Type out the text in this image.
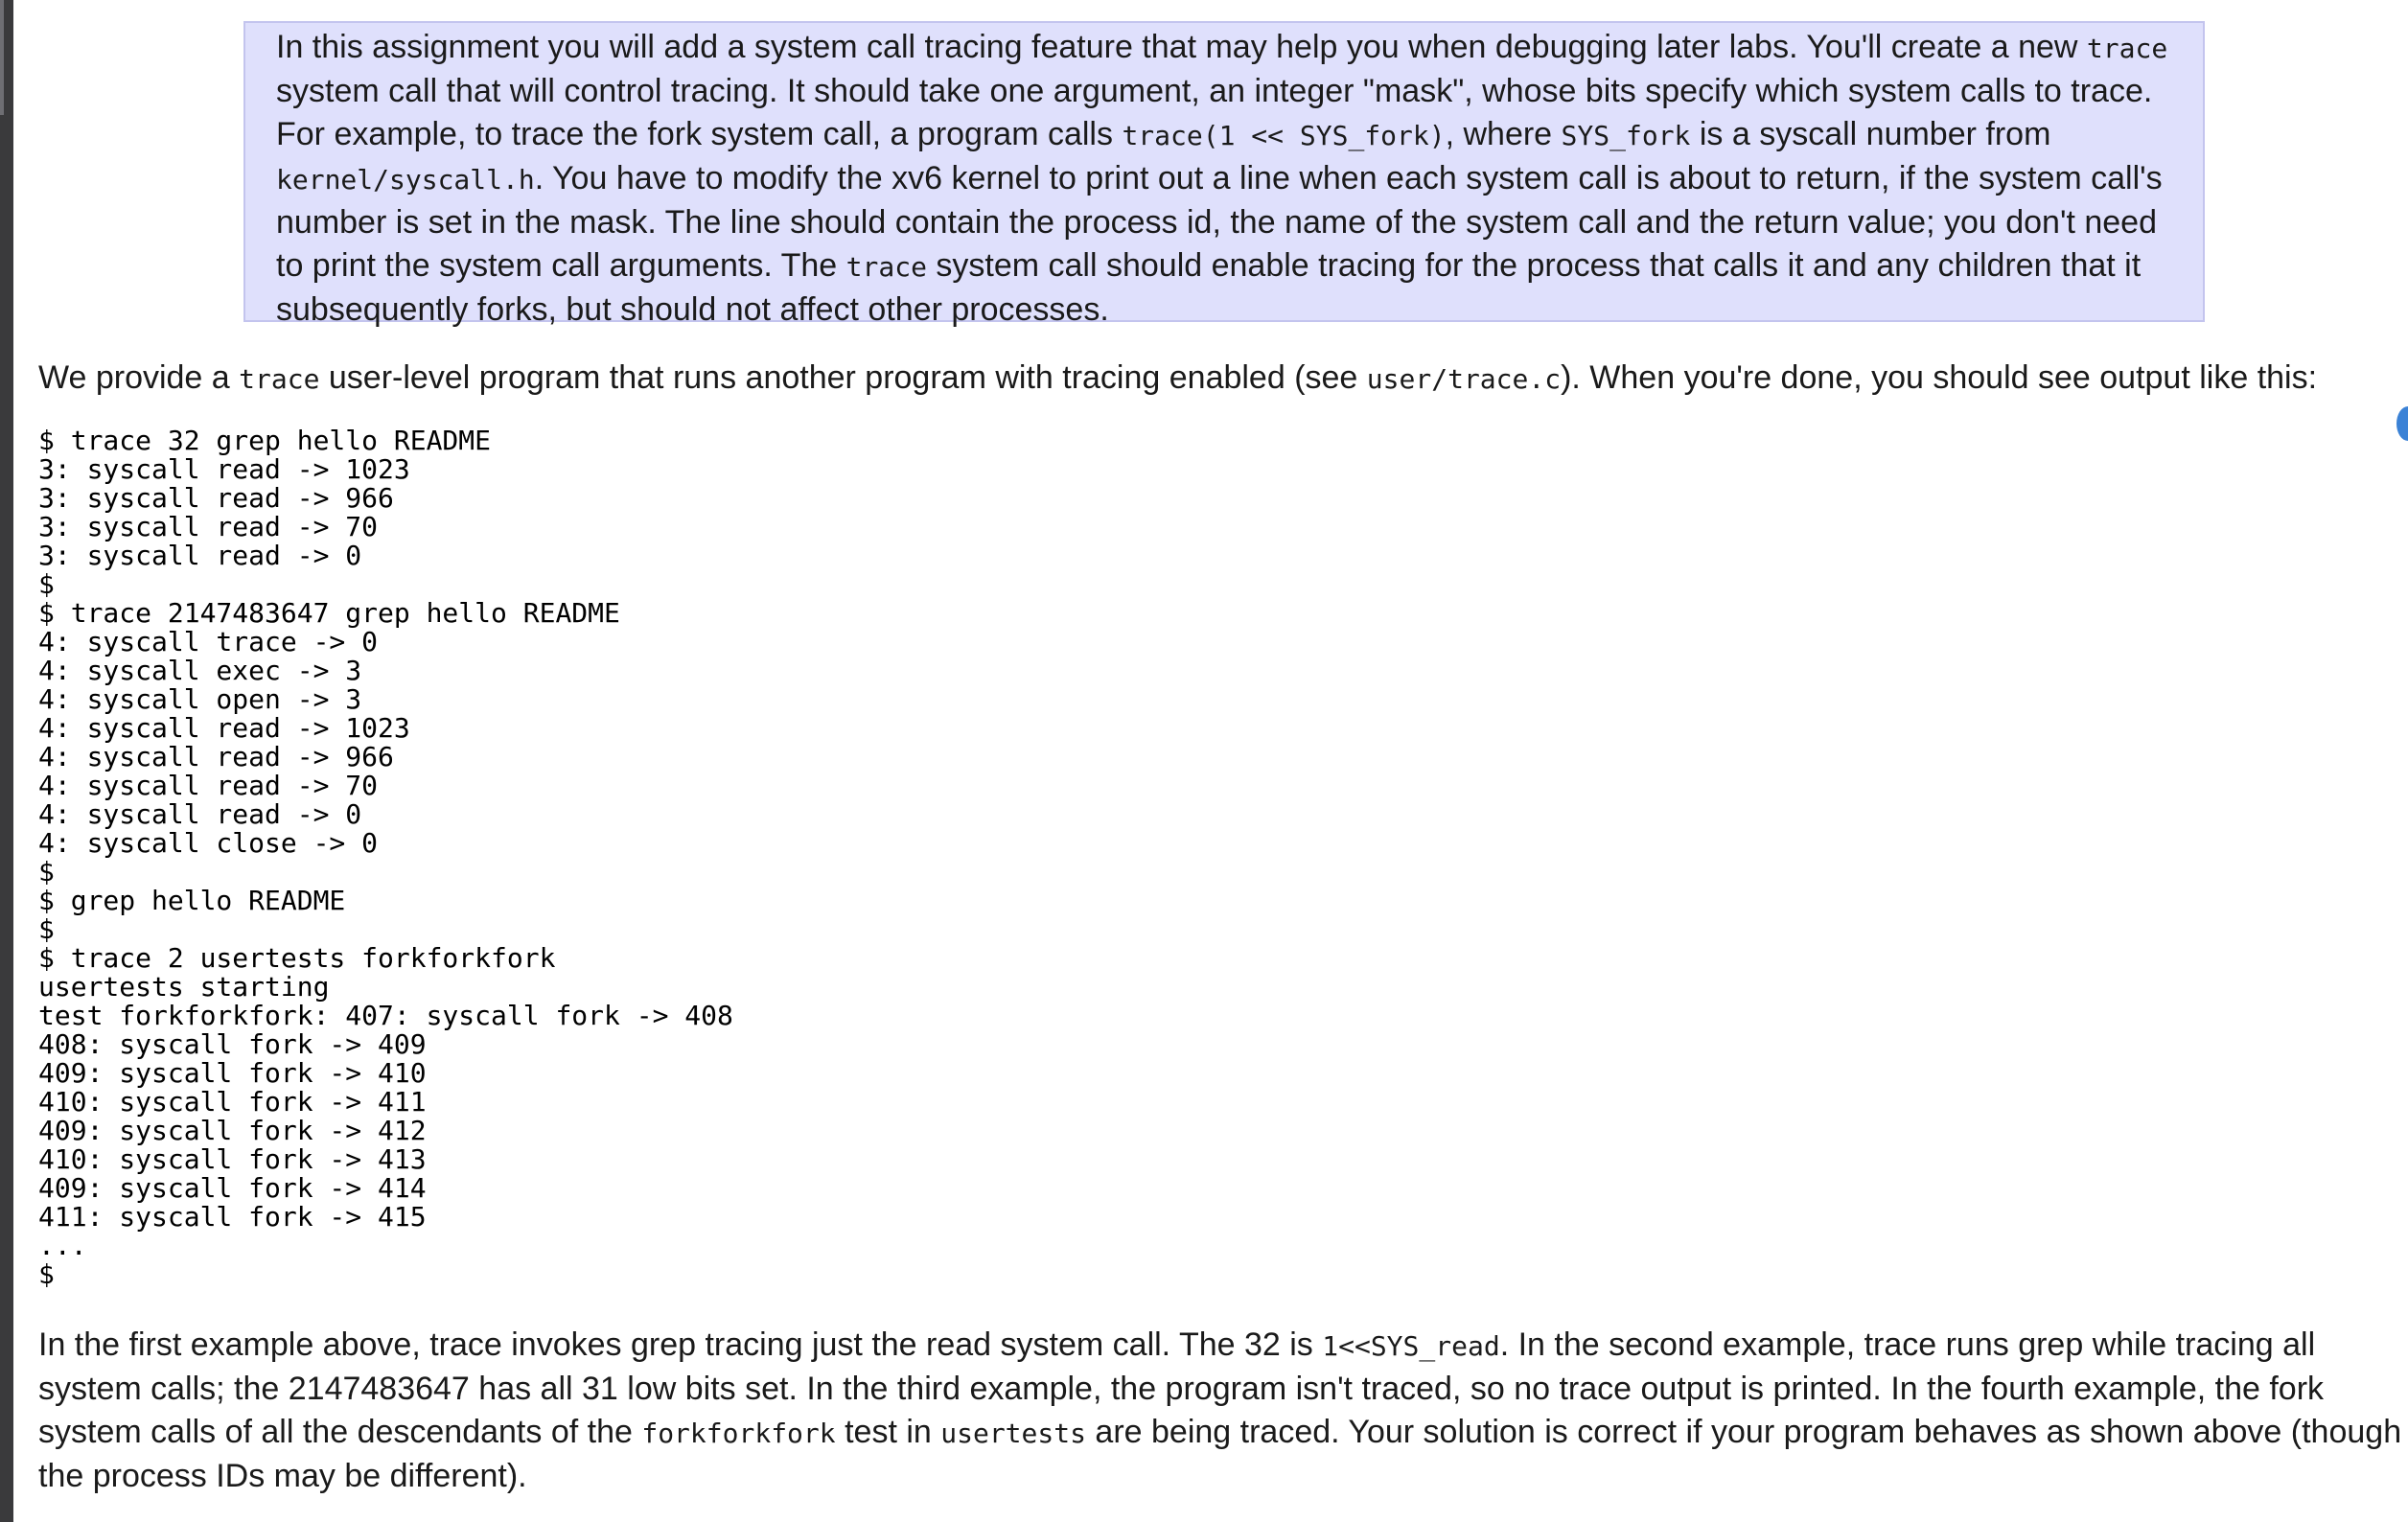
In this assignment you will add a system call tracing feature that may help you when debugging later labs. You'll create a new trace system call that will control tracing. It should take one argument, an integer "mask", whose bits specify which system calls to trace. For example, to trace the fork system call, a program calls trace(1 << SYS_fork), where SYS_fork is a syscall number from kernel/syscall.h. You have to modify the xv6 kernel to print out a line when each system call is about to return, if the system call's number is set in the mask. The line should contain the process id, the name of the system call and the return value; you don't need to print the system call arguments. The trace system call should enable tracing for the process that calls it and any children that it subsequently forks, but should not affect other processes.
We provide a trace user-level program that runs another program with tracing enabled (see user/trace.c). When you're done, you should see output like this:
$ trace 32 grep hello README
3: syscall read -> 1023
3: syscall read -> 966
3: syscall read -> 70
3: syscall read -> 0
$
$ trace 2147483647 grep hello README
4: syscall trace -> 0
4: syscall exec -> 3
4: syscall open -> 3
4: syscall read -> 1023
4: syscall read -> 966
4: syscall read -> 70
4: syscall read -> 0
4: syscall close -> 0
$
$ grep hello README
$
$ trace 2 usertests forkforkfork
usertests starting
test forkforkfork: 407: syscall fork -> 408
408: syscall fork -> 409
409: syscall fork -> 410
410: syscall fork -> 411
409: syscall fork -> 412
410: syscall fork -> 413
409: syscall fork -> 414
411: syscall fork -> 415
...
$
In the first example above, trace invokes grep tracing just the read system call. The 32 is 1<<SYS_read. In the second example, trace runs grep while tracing all system calls; the 2147483647 has all 31 low bits set. In the third example, the program isn't traced, so no trace output is printed. In the fourth example, the fork system calls of all the descendants of the forkforkfork test in usertests are being traced. Your solution is correct if your program behaves as shown above (though the process IDs may be different).
